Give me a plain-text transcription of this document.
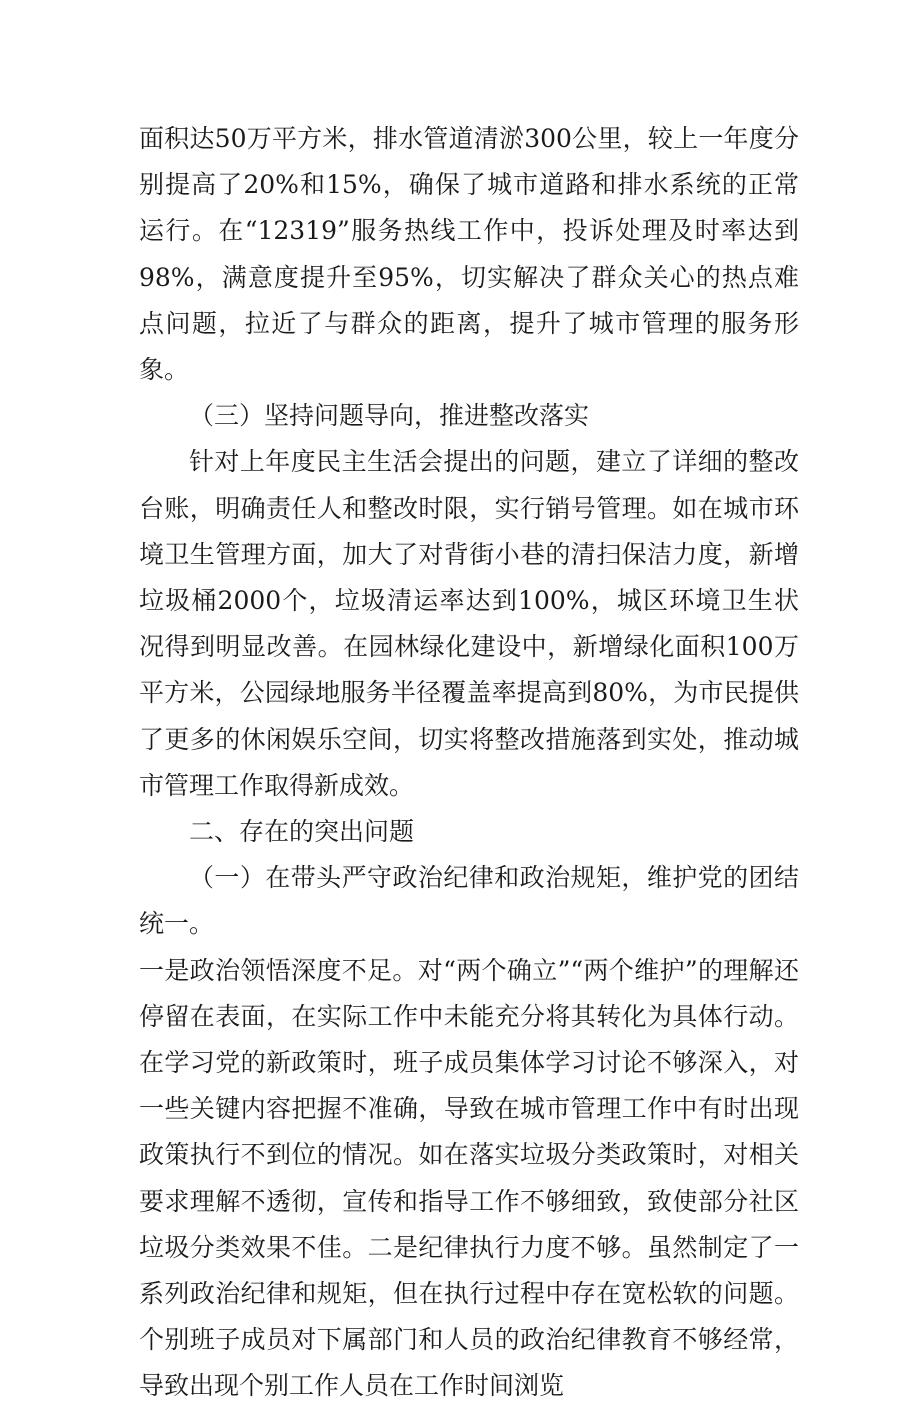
面积达50万平方米，排水管道清淤300公里，较上一年度分别提高了20%和15%，确保了城市道路和排水系统的正常运行。在“12319”服务热线工作中，投诉处理及时率达到98%，满意度提升至95%，切实解决了群众关心的热点难点问题，拉近了与群众的距离，提升了城市管理的服务形象。

（三）坚持问题导向，推进整改落实

针对上年度民主生活会提出的问题，建立了详细的整改台账，明确责任人和整改时限，实行销号管理。如在城市环境卫生管理方面，加大了对背街小巷的清扫保洁力度，新增垃圾桶2000个，垃圾清运率达到100%，城区环境卫生状况得到明显改善。在园林绿化建设中，新增绿化面积100万平方米，公园绿地服务半径覆盖率提高到80%，为市民提供了更多的休闲娱乐空间，切实将整改措施落到实处，推动城市管理工作取得新成效。

二、存在的突出问题

（一）在带头严守政治纪律和政治规矩，维护党的团结统一。

一是政治领悟深度不足。对“两个确立”“两个维护”的理解还停留在表面，在实际工作中未能充分将其转化为具体行动。在学习党的新政策时，班子成员集体学习讨论不够深入，对一些关键内容把握不准确，导致在城市管理工作中有时出现政策执行不到位的情况。如在落实垃圾分类政策时，对相关要求理解不透彻，宣传和指导工作不够细致，致使部分社区垃圾分类效果不佳。二是纪律执行力度不够。虽然制定了一系列政治纪律和规矩，但在执行过程中存在宽松软的问题。个别班子成员对下属部门和人员的政治纪律教育不够经常，导致出现个别工作人员在工作时间浏览
